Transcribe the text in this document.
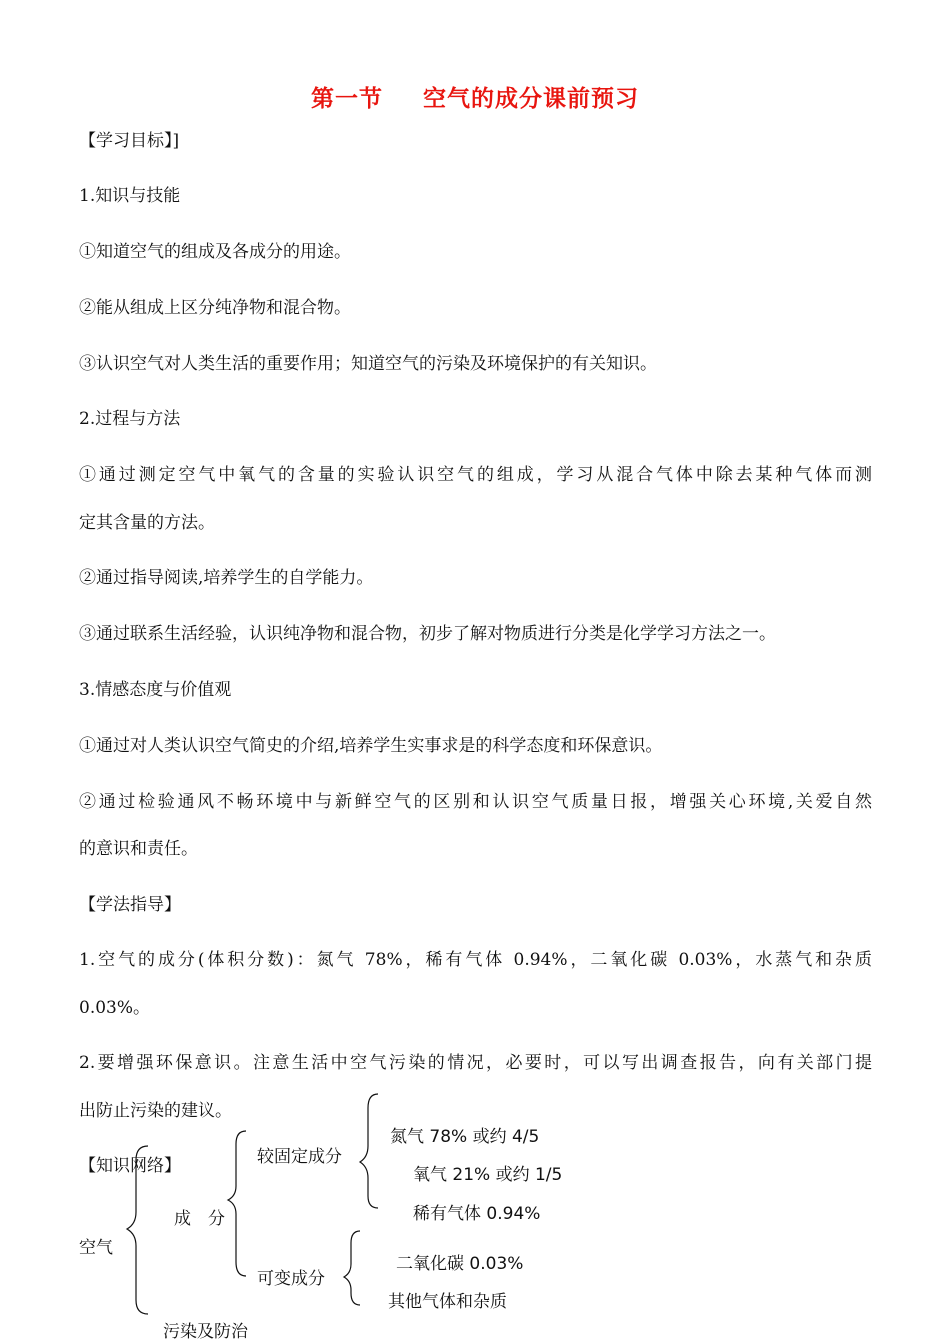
第一节 空气的成分课前预习
【学习目标】]
1.知识与技能
①知道空气的组成及各成分的用途。
②能从组成上区分纯净物和混合物。
③认识空气对人类生活的重要作用；知道空气的污染及环境保护的有关知识。
2.过程与方法
①通过测定空气中氧气的含量的实验认识空气的组成，学习从混合气体中除去某种气体而测
定其含量的方法。
②通过指导阅读,培养学生的自学能力。
③通过联系生活经验，认识纯净物和混合物，初步了解对物质进行分类是化学学习方法之一。
3.情感态度与价值观
①通过对人类认识空气简史的介绍,培养学生实事求是的科学态度和环保意识。
②通过检验通风不畅环境中与新鲜空气的区别和认识空气质量日报，增强关心环境,关爱自然
的意识和责任。
【学法指导】
1.空气的成分(体积分数)：氮气 78%，稀有气体 0.94%，二氧化碳 0.03%，水蒸气和杂质
0.03%。
2.要增强环保意识。注意生活中空气污染的情况，必要时，可以写出调查报告，向有关部门提
出防止污染的建议。
【知识网络】
空气
成　分
较固定成分
可变成分
污染及防治
氮气 78% 或约 4/5
氧气 21% 或约 1/5
稀有气体 0.94%
二氧化碳 0.03%
其他气体和杂质
